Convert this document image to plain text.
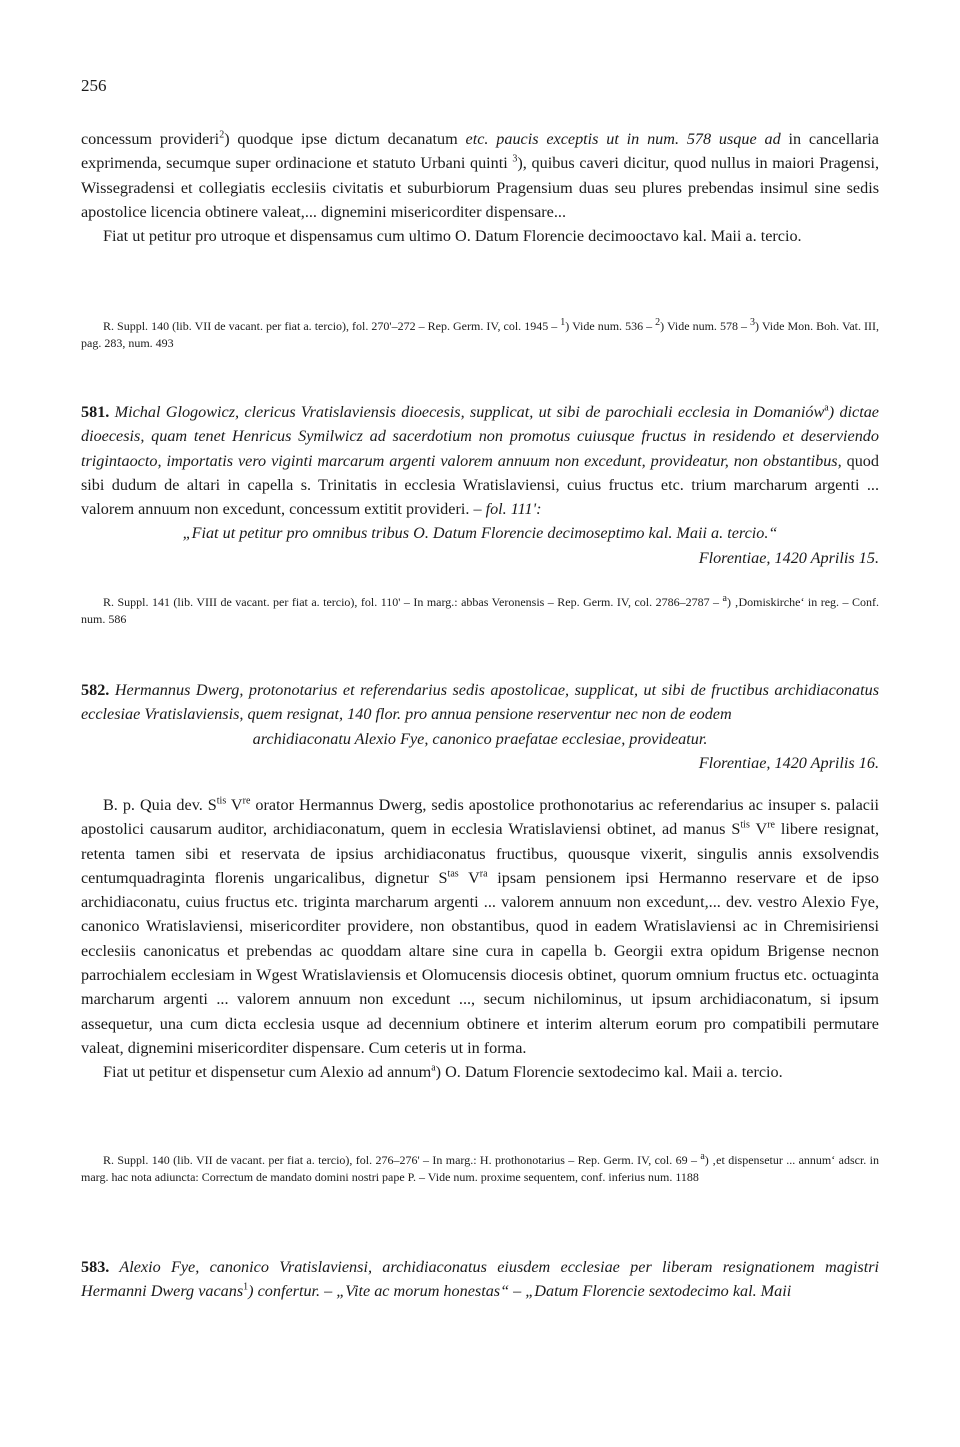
256

concessum provideri$^2$) quodque ipse dictum decanatum etc. paucis exceptis ut in num. 578 usque ad in cancellaria exprimenda, secumque super ordinacione et statuto Urbani quinti $^3$), quibus caveri dicitur, quod nullus in maiori Pragensi, Wissegradensi et collegiatis ecclesiis civitatis et suburbiorum Pragensium duas seu plures prebendas insimul sine sedis apostolice licencia obtinere valeat,... dignemini misericorditer dispensare...

Fiat ut petitur pro utroque et dispensamus cum ultimo O. Datum Florencie decimooctavo kal. Maii a. tercio.

R. Suppl. 140 (lib. VII de vacant. per fiat a. tercio), fol. 270'–272 – Rep. Germ. IV, col. 1945 – $^1$) Vide num. 536 – $^2$) Vide num. 578 – $^3$) Vide Mon. Boh. Vat. III, pag. 283, num. 493

581. Michal Glogowicz, clericus Vratislaviensis dioecesis, supplicat, ut sibi de parochiali ecclesia in Domaniów$^a$) dictae dioecesis, quam tenet Henricus Symilwicz ad sacerdotium non promotus cuiusque fructus in residendo et deserviendo trigintaocto, importatis vero viginti marcarum argenti valorem annuum non excedunt, provideatur, non obstantibus, quod sibi dudum de altari in capella s. Trinitatis in ecclesia Wratislaviensi, cuius fructus etc. trium marcharum argenti ... valorem annuum non excedunt, concessum extitit provideri. – fol. 111':
„Fiat ut petitur pro omnibus tribus O. Datum Florencie decimoseptimo kal. Maii a. tercio.“
Florentiae, 1420 Aprilis 15.

R. Suppl. 141 (lib. VIII de vacant. per fiat a. tercio), fol. 110' – In marg.: abbas Veronensis – Rep. Germ. IV, col. 2786–2787 – $^a$) ‚Domiskirche‘ in reg. – Conf. num. 586

582. Hermannus Dwerg, protonotarius et referendarius sedis apostolicae, supplicat, ut sibi de fructibus archidiaconatus ecclesiae Vratislaviensis, quem resignat, 140 flor. pro annua pensione reserventur nec non de eodem
archidiaconatu Alexio Fye, canonico praefatae ecclesiae, provideatur.
Florentiae, 1420 Aprilis 16.

B. p. Quia dev. $S^{tis}$ Vre orator Hermannus Dwerg, sedis apostolice prothonotarius ac referendarius ac insuper s. palacii apostolici causarum auditor, archidiaconatum, quem in ecclesia Wratislaviensi obtinet, ad manus $S^{tis}$ Vre libere resignat, retenta tamen sibi et reservata de ipsius archidiaconatus fructibus, quousque vixerit, singulis annis exsolvendis centumquadraginta florenis ungaricalibus, dignetur $S^{tas}$ $V^{ra}$ ipsam pensionem ipsi Hermanno reservare et de ipso archidiaconatu, cuius fructus etc. triginta marcharum argenti ... valorem annuum non excedunt,... dev. vestro Alexio Fye, canonico Wratislaviensi, misericorditer providere, non obstantibus, quod in eadem Wratislaviensi ac in Chremisiriensi ecclesiis canonicatus et prebendas ac quoddam altare sine cura in capella b. Georgii extra opidum Brigense necnon parrochialem ecclesiam in Wgest Wratislaviensis et Olomucensis diocesis obtinet, quorum omnium fructus etc. octuaginta marcharum argenti ... valorem annuum non excedunt ..., secum nichilominus, ut ipsum archidiaconatum, si ipsum assequetur, una cum dicta ecclesia usque ad decennium obtinere et interim alterum eorum pro compatibili permutare valeat, dignemini misericorditer dispensare. Cum ceteris ut in forma.

Fiat ut petitur et dispensetur cum Alexio ad annum$^a$) O. Datum Florencie sextodecimo kal. Maii a. tercio.

R. Suppl. 140 (lib. VII de vacant. per fiat a. tercio), fol. 276–276' – In marg.: H. prothonotarius – Rep. Germ. IV, col. 69 – $^a$) ‚et dispensetur ... annum‘ adscr. in marg. hac nota adiuncta: Correctum de mandato domini nostri pape P. – Vide num. proxime sequentem, conf. inferius num. 1188

583. Alexio Fye, canonico Vratislaviensi, archidiaconatus eiusdem ecclesiae per liberam resignationem magistri Hermanni Dwerg vacans$^1$) confertur. – „Vite ac morum honestas“ – „Datum Florencie sextodecimo kal. Maii
